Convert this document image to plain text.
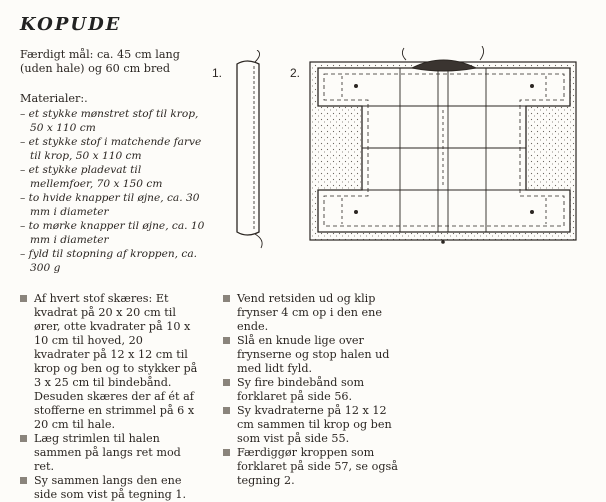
KOPUDE

Færdigt mål: ca. 45 cm lang (uden hale) og 60 cm bred

Materialer:.

– et stykke mønstret stof til krop, 50 x 110 cm
– et stykke stof i matchende farve til krop, 50 x 110 cm
– et stykke pladevat til mellemfoer, 70 x 150 cm
– to hvide knapper til øjne, ca. 30 mm i diameter
– to mørke knapper til øjne, ca. 10 mm i diameter
– fyld til stopning af kroppen, ca. 300 g
Af hvert stof skæres: Et kvadrat på 20 x 20 cm til ører, otte kvadrater på 10 x 10 cm til hoved, 20 kvadrater på 12 x 12 cm til krop og ben og to stykker på 3 x 25 cm til bindebånd. Desuden skæres der af ét af stofferne en strimmel på 6 x 20 cm til hale.
Læg strimlen til halen sammen på langs ret mod ret.
Sy sammen langs den ene side som vist på tegning 1.
Vend retsiden ud og klip frynser 4 cm op i den ene ende.
Slå en knude lige over frynserne og stop halen ud med lidt fyld.
Sy fire bindebånd som forklaret på side 56.
Sy kvadraterne på 12 x 12 cm sammen til krop og ben som vist på side 55.
Færdiggør kroppen som forklaret på side 57, se også tegning 2.
1.	2.
